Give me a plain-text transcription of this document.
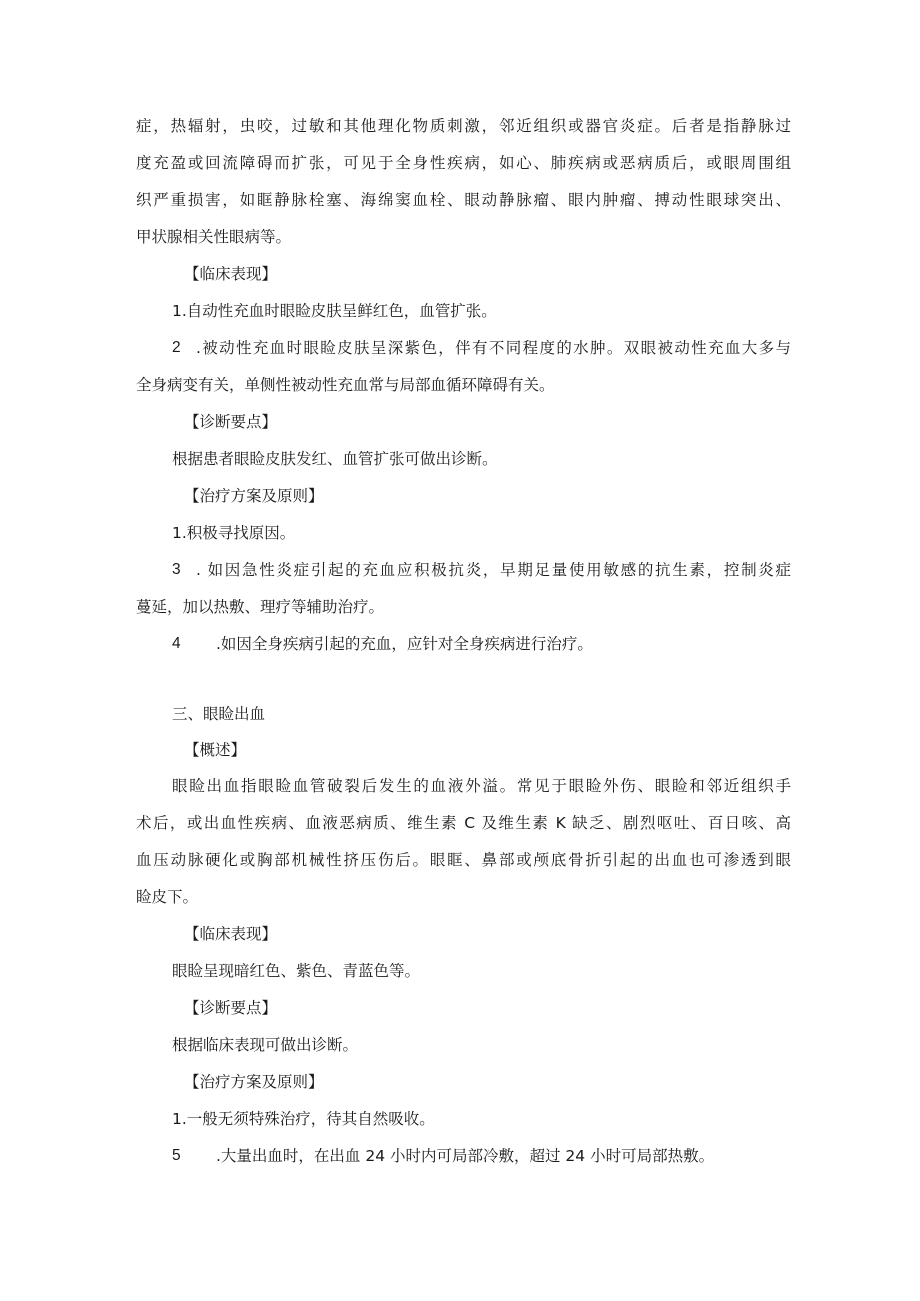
症，热辐射，虫咬，过敏和其他理化物质刺激，邻近组织或器官炎症。后者是指静脉过
度充盈或回流障碍而扩张，可见于全身性疾病，如心、肺疾病或恶病质后，或眼周围组
织严重损害，如眶静脉栓塞、海绵窦血栓、眼动静脉瘤、眼内肿瘤、搏动性眼球突出、
甲状腺相关性眼病等。
【临床表现】
1.自动性充血时眼睑皮肤呈鲜红色，血管扩张。
2 .被动性充血时眼睑皮肤呈深紫色，伴有不同程度的水肿。双眼被动性充血大多与
全身病变有关，单侧性被动性充血常与局部血循环障碍有关。
【诊断要点】
根据患者眼睑皮肤发红、血管扩张可做出诊断。
【治疗方案及原则】
1.积极寻找原因。
3 . 如因急性炎症引起的充血应积极抗炎，早期足量使用敏感的抗生素，控制炎症
蔓延，加以热敷、理疗等辅助治疗。
4 .如因全身疾病引起的充血，应针对全身疾病进行治疗。
三、眼睑出血
【概述】
眼睑出血指眼睑血管破裂后发生的血液外溢。常见于眼睑外伤、眼睑和邻近组织手
术后，或出血性疾病、血液恶病质、维生素 C 及维生素 K 缺乏、剧烈呕吐、百日咳、高
血压动脉硬化或胸部机械性挤压伤后。眼眶、鼻部或颅底骨折引起的出血也可渗透到眼
睑皮下。
【临床表现】
眼睑呈现暗红色、紫色、青蓝色等。
【诊断要点】
根据临床表现可做出诊断。
【治疗方案及原则】
1.一般无须特殊治疗，待其自然吸收。
5 .大量出血时，在出血 24 小时内可局部冷敷，超过 24 小时可局部热敷。
